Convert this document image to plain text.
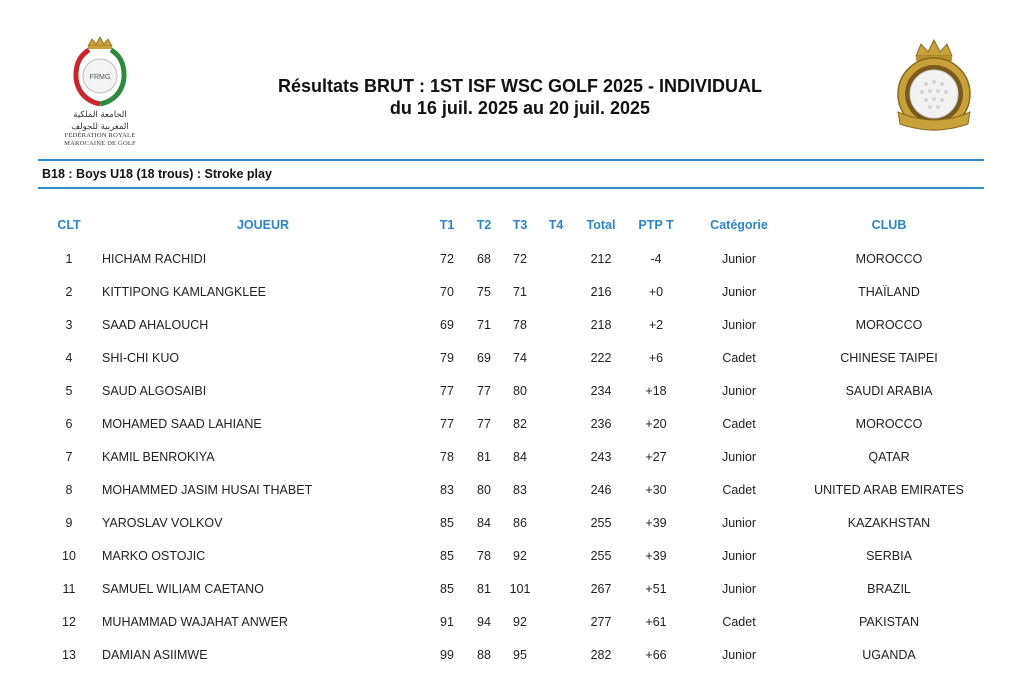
FRMG
الجامعة الملكية
المغربية للجولف
FÉDÉRATION ROYALE
MAROCAINE DE GOLF
Résultats BRUT : 1ST ISF WSC GOLF 2025 - INDIVIDUAL
du 16 juil. 2025 au 20 juil. 2025
B18 : Boys U18 (18 trous) : Stroke play
CLT	JOUEUR	T1	T2	T3	T4	Total	PTP T	Catégorie	CLUB
1	HICHAM RACHIDI	72	68	72		212	-4	Junior	MOROCCO
2	KITTIPONG KAMLANGKLEE	70	75	71		216	+0	Junior	THAÏLAND
3	SAAD AHALOUCH	69	71	78		218	+2	Junior	MOROCCO
4	SHI-CHI KUO	79	69	74		222	+6	Cadet	CHINESE TAIPEI
5	SAUD ALGOSAIBI	77	77	80		234	+18	Junior	SAUDI ARABIA
6	MOHAMED SAAD LAHIANE	77	77	82		236	+20	Cadet	MOROCCO
7	KAMIL BENROKIYA	78	81	84		243	+27	Junior	QATAR
8	MOHAMMED JASIM HUSAI THABET	83	80	83		246	+30	Cadet	UNITED ARAB EMIRATES
9	YAROSLAV VOLKOV	85	84	86		255	+39	Junior	KAZAKHSTAN
10	MARKO OSTOJIC	85	78	92		255	+39	Junior	SERBIA
11	SAMUEL WILIAM CAETANO	85	81	101		267	+51	Junior	BRAZIL
12	MUHAMMAD WAJAHAT ANWER	91	94	92		277	+61	Cadet	PAKISTAN
13	DAMIAN ASIIMWE	99	88	95		282	+66	Junior	UGANDA
